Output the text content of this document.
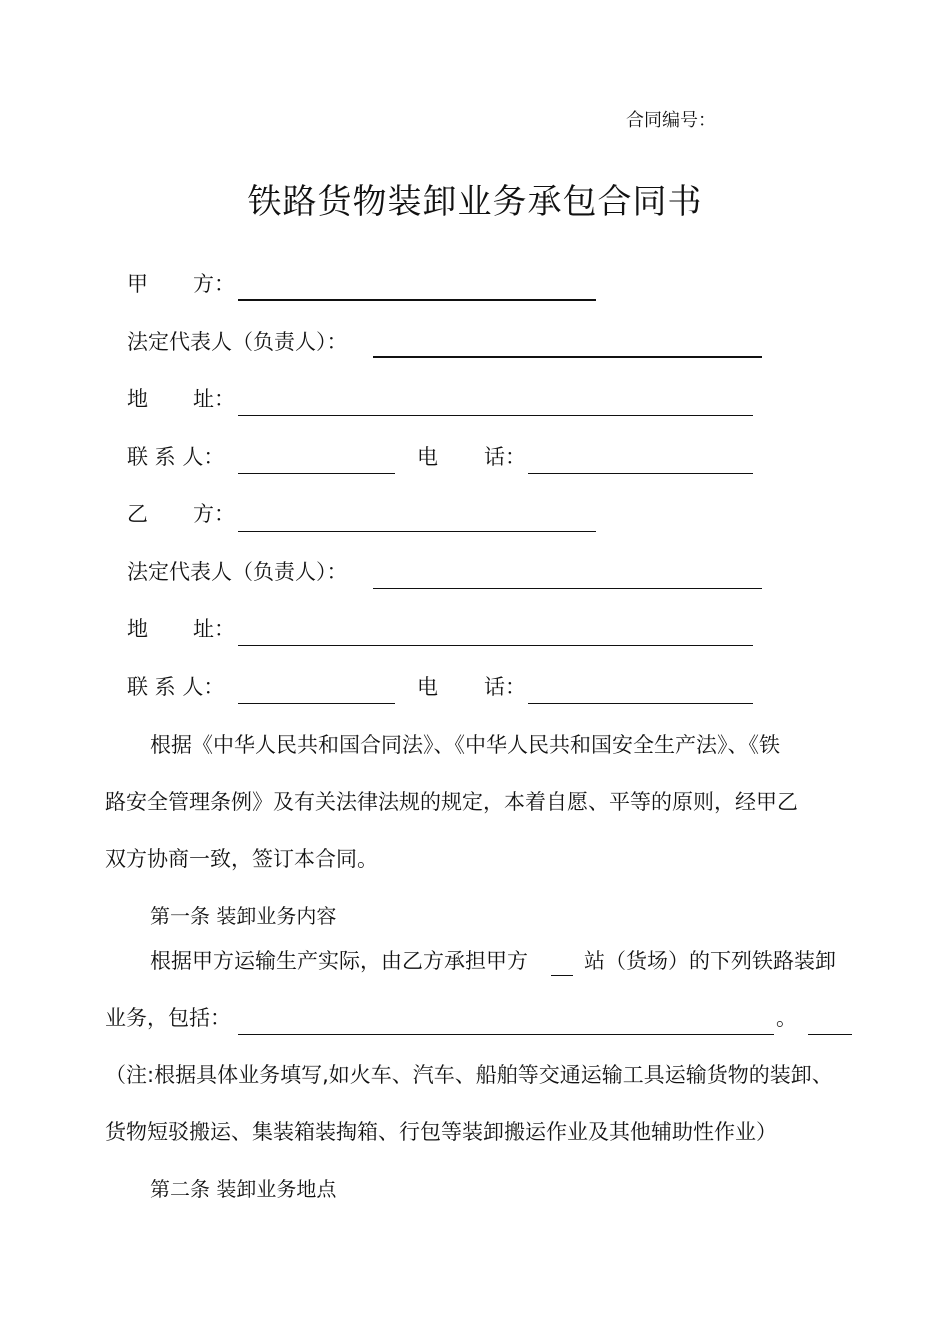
合同编号：
铁路货物装卸业务承包合同书
甲 方：
法定代表人（负责人）：
地 址：
联 系 人：	电 话：
乙 方：
法定代表人（负责人）：
地 址：
联 系 人：	电 话：
根据《中华人民共和国合同法》、《中华人民共和国安全生产法》、《铁
路安全管理条例》及有关法律法规的规定，本着自愿、平等的原则，经甲乙
双方协商一致，签订本合同。
第一条 装卸业务内容
根据甲方运输生产实际，由乙方承担甲方	站（货场）的下列铁路装卸
业务，包括：	。
（注:根据具体业务填写,如火车、汽车、船舶等交通运输工具运输货物的装卸、
货物短驳搬运、集装箱装掏箱、行包等装卸搬运作业及其他辅助性作业）
第二条 装卸业务地点
